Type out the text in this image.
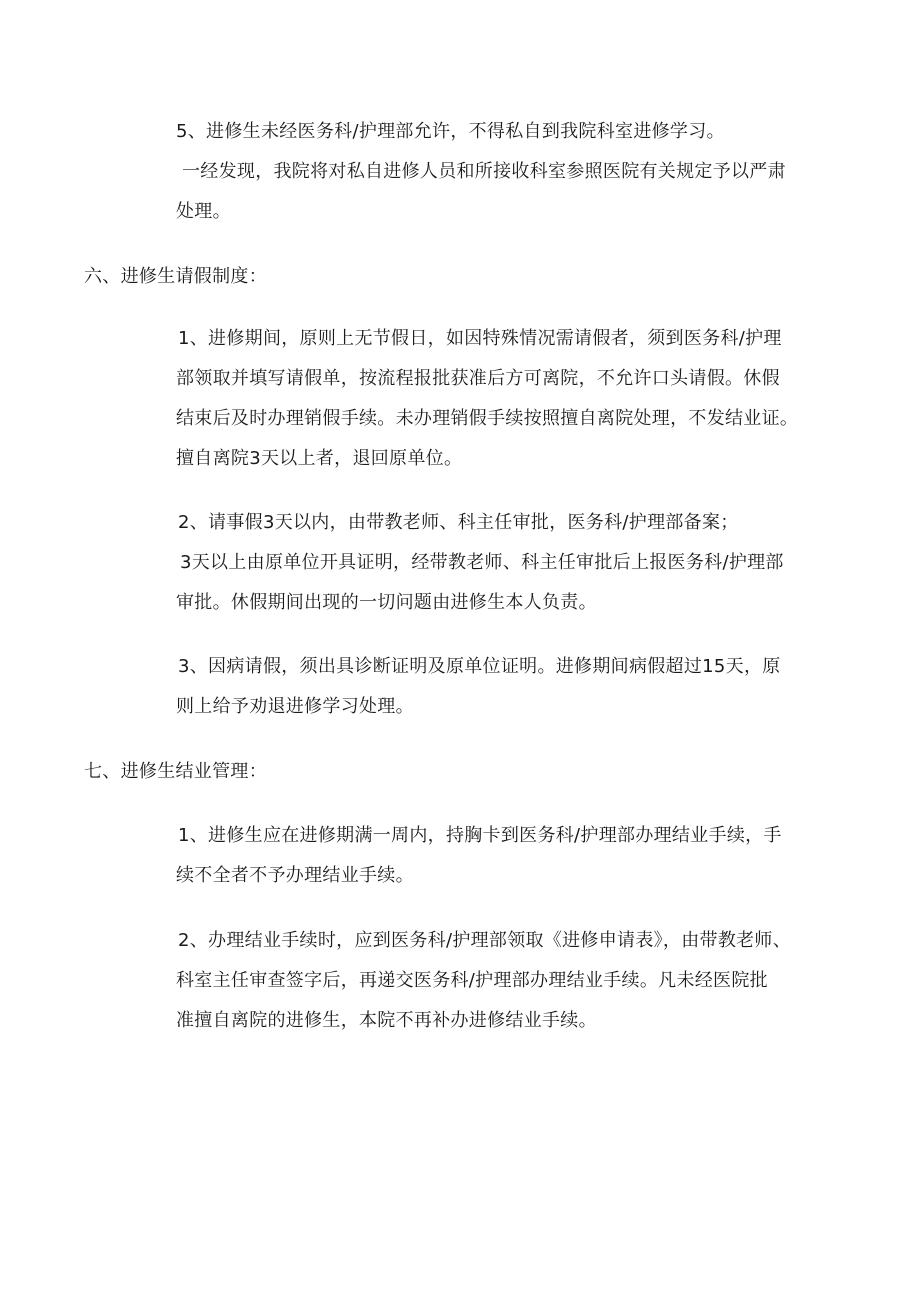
5、进修生未经医务科/护理部允许，不得私自到我院科室进修学习。
一经发现，我院将对私自进修人员和所接收科室参照医院有关规定予以严肃
处理。
六、进修生请假制度：
1、进修期间，原则上无节假日，如因特殊情况需请假者，须到医务科/护理
部领取并填写请假单，按流程报批获准后方可离院，不允许口头请假。休假
结束后及时办理销假手续。未办理销假手续按照擅自离院处理，不发结业证。
擅自离院3天以上者，退回原单位。
2、请事假3天以内，由带教老师、科主任审批，医务科/护理部备案；
3天以上由原单位开具证明，经带教老师、科主任审批后上报医务科/护理部
审批。休假期间出现的一切问题由进修生本人负责。
3、因病请假，须出具诊断证明及原单位证明。进修期间病假超过15天，原
则上给予劝退进修学习处理。
七、进修生结业管理：
1、进修生应在进修期满一周内，持胸卡到医务科/护理部办理结业手续，手
续不全者不予办理结业手续。
2、办理结业手续时，应到医务科/护理部领取《进修申请表》，由带教老师、
科室主任审查签字后，再递交医务科/护理部办理结业手续。凡未经医院批
准擅自离院的进修生，本院不再补办进修结业手续。
